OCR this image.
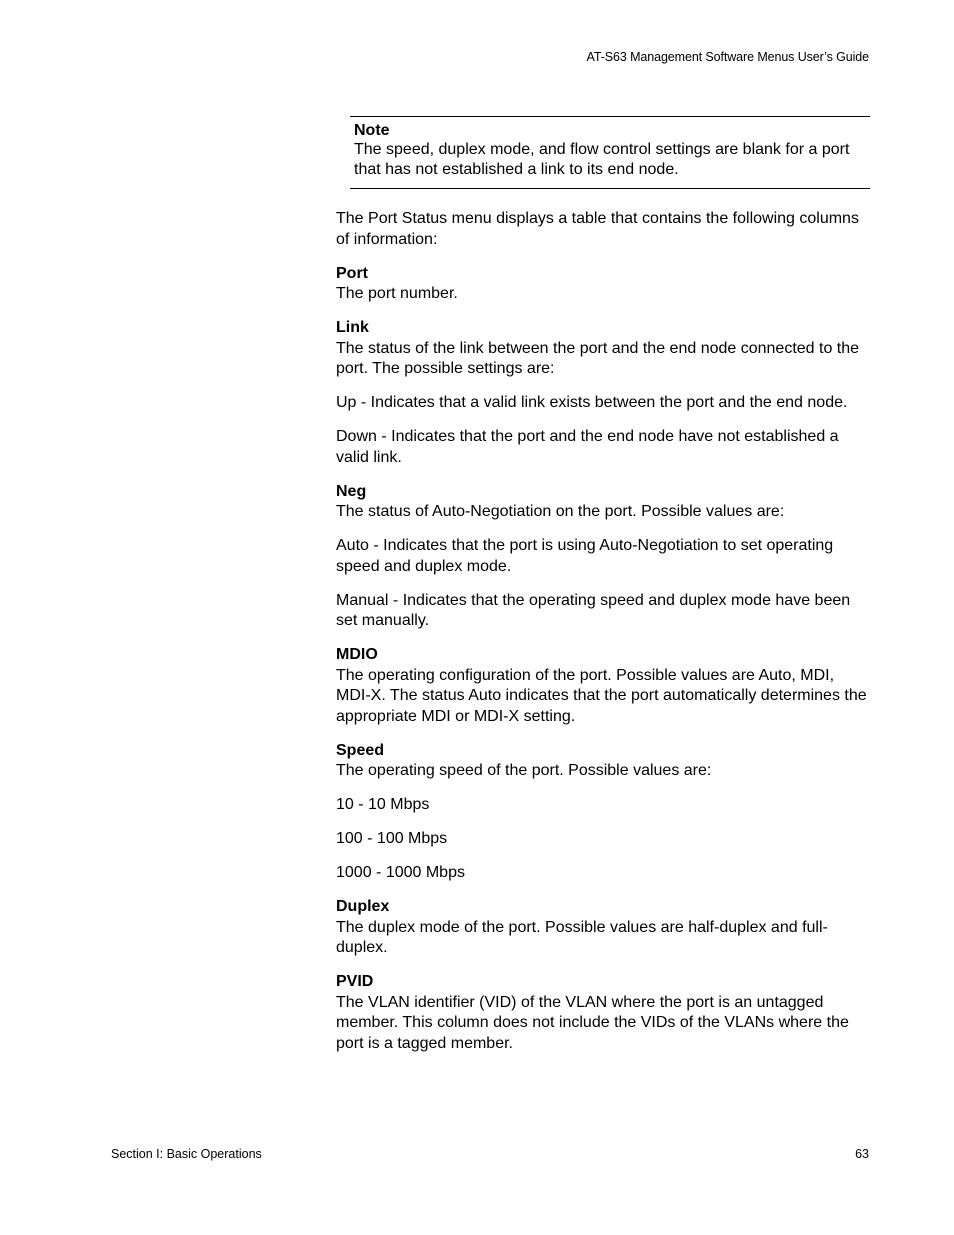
AT-S63 Management Software Menus User’s Guide
Note
The speed, duplex mode, and flow control settings are blank for a port that has not established a link to its end node.

The Port Status menu displays a table that contains the following columns of information:

Port
The port number.
Link
The status of the link between the port and the end node connected to the port. The possible settings are:

Up - Indicates that a valid link exists between the port and the end node.

Down - Indicates that the port and the end node have not established a valid link.

Neg
The status of Auto-Negotiation on the port. Possible values are:

Auto - Indicates that the port is using Auto-Negotiation to set operating speed and duplex mode.

Manual - Indicates that the operating speed and duplex mode have been set manually.

MDIO
The operating configuration of the port. Possible values are Auto, MDI, MDI-X. The status Auto indicates that the port automatically determines the appropriate MDI or MDI-X setting.
Speed
The operating speed of the port. Possible values are:

10 - 10 Mbps

100 - 100 Mbps

1000 - 1000 Mbps

Duplex
The duplex mode of the port. Possible values are half-duplex and full-duplex.
PVID
The VLAN identifier (VID) of the VLAN where the port is an untagged member. This column does not include the VIDs of the VLANs where the port is a tagged member.
Section I: Basic Operations	63
